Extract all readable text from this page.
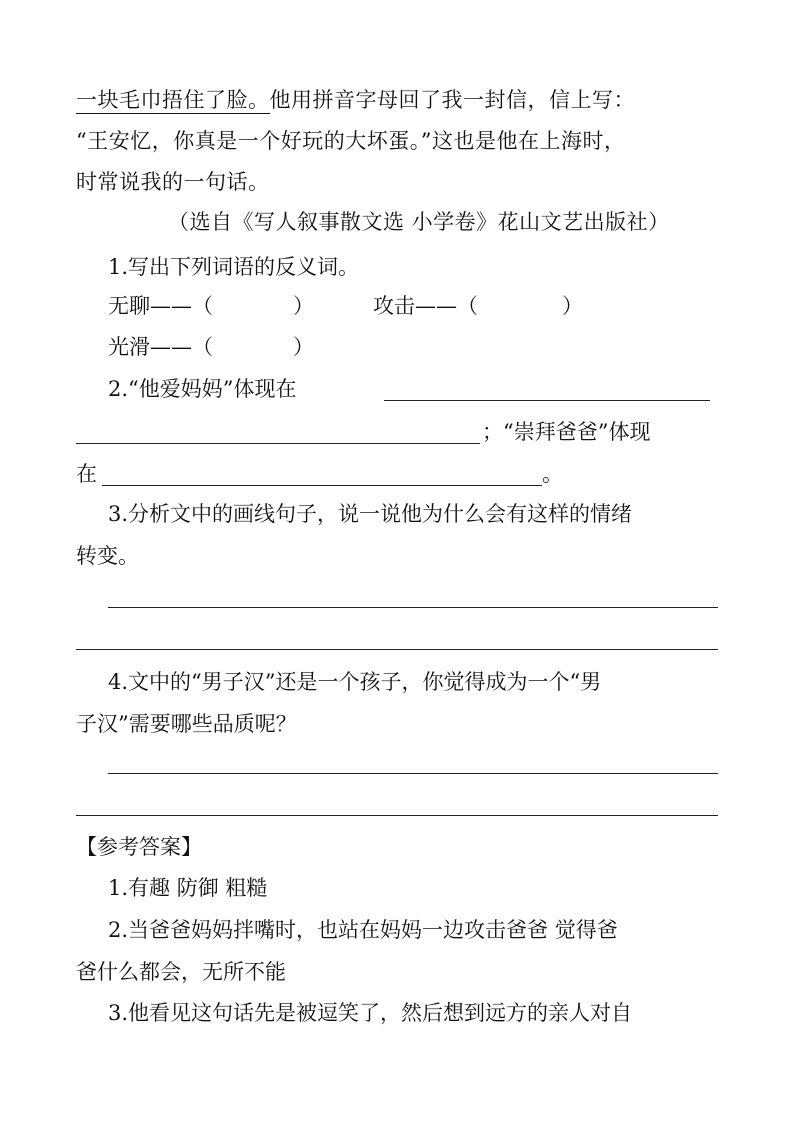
一块毛巾捂住了脸。他用拼音字母回了我一封信，信上写：
“王安忆，你真是一个好玩的大坏蛋。”这也是他在上海时，
时常说我的一句话。
（选自《写人叙事散文选 小学卷》花山文艺出版社）
1.写出下列词语的反义词。
无聊——（	）	攻击——（	）
光滑——（	）
2.“他爱妈妈”体现在
；“崇拜爸爸”体现
在	。
3.分析文中的画线句子，说一说他为什么会有这样的情绪
转变。
4.文中的“男子汉”还是一个孩子，你觉得成为一个“男
子汉”需要哪些品质呢？
【参考答案】
1.有趣 防御 粗糙
2.当爸爸妈妈拌嘴时，也站在妈妈一边攻击爸爸 觉得爸
爸什么都会，无所不能
3.他看见这句话先是被逗笑了，然后想到远方的亲人对自
